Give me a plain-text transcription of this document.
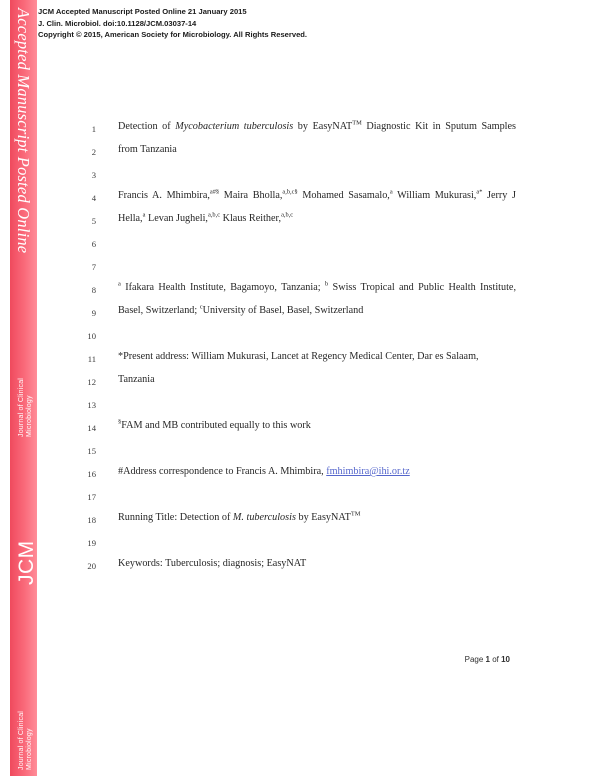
Accepted Manuscript Posted Online
Journal of Clinical Microbiology
JCM
Journal of Clinical Microbiology
JCM Accepted Manuscript Posted Online 21 January 2015
J. Clin. Microbiol. doi:10.1128/JCM.03037-14
Copyright © 2015, American Society for Microbiology. All Rights Reserved.
1 Detection of Mycobacterium tuberculosis by EasyNAT™ Diagnostic Kit in Sputum Samples
2 from Tanzania
3
4 Francis A. Mhimbira,$^{a\#\S}$ Maira Bholla,$^{a,b,c\S}$ Mohamed Sasamalo,$^a$ William Mukurasi,$^{a*}$ Jerry J
5 Hella,$^a$ Levan Jugheli,$^{a,b,c}$ Klaus Reither,$^{a,b,c}$
6
7
8
$^a$ Ifakara Health Institute, Bagamoyo, Tanzania; $^b$ Swiss Tropical and Public Health Institute,
9 Basel, Switzerland; $^c$University of Basel, Basel, Switzerland
10
11 *Present address: William Mukurasi, Lancet at Regency Medical Center, Dar es Salaam,
12 Tanzania
13
14
§FAM and MB contributed equally to this work
15
16 #Address correspondence to Francis A. Mhimbira, fmhimbira@ihi.or.tz
17
18 Running Title: Detection of M. tuberculosis by EasyNAT™
19
20 Keywords: Tuberculosis; diagnosis; EasyNAT
Page 1 of 10
